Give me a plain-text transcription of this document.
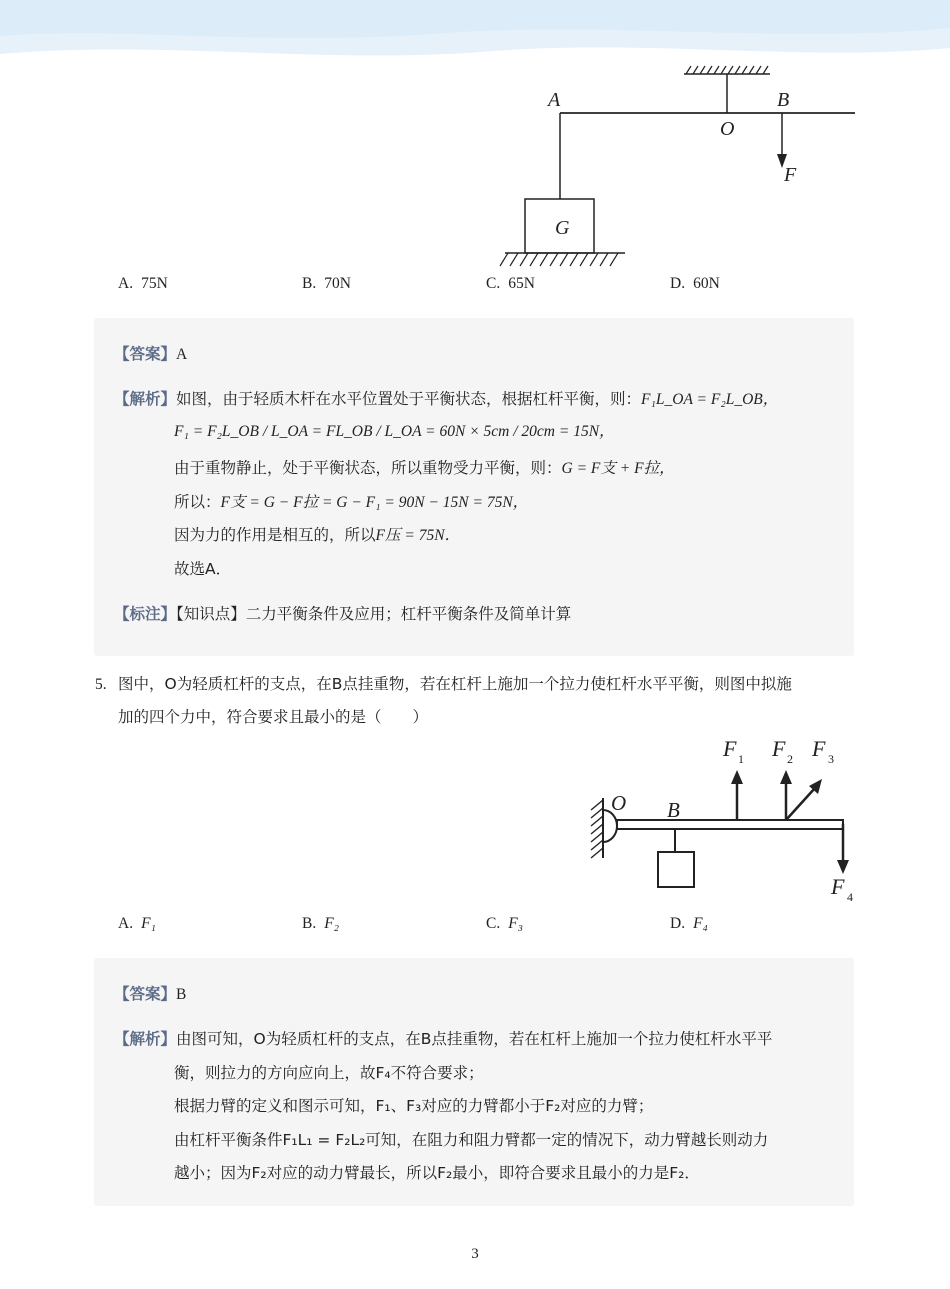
A	B
O
F
G
A. 75N	B. 70N	C. 65N	D. 60N
【答案】A
【解析】如图，由于轻质木杆在水平位置处于平衡状态，根据杠杆平衡，则：F₁L_OA = F₂L_OB，
F₁ = F₂L_OB / L_OA = FL_OB / L_OA = 60N × 5cm / 20cm = 15N，
由于重物静止，处于平衡状态，所以重物受力平衡，则：G = F支 + F拉，
所以：F支 = G − F拉 = G − F₁ = 90N − 15N = 75N，
因为力的作用是相互的，所以F压 = 75N．
故选A．
【标注】【知识点】二力平衡条件及应用；杠杆平衡条件及简单计算
5. 图中，O为轻质杠杆的支点，在B点挂重物，若在杠杆上施加一个拉力使杠杆水平平衡，则图中拟施
加的四个力中，符合要求且最小的是（　　）
O B
F 1 F 2 F 3
F 4
A. F₁	B. F₂	C. F₃	D. F₄
【答案】B
【解析】由图可知，O为轻质杠杆的支点，在B点挂重物，若在杠杆上施加一个拉力使杠杆水平平
衡，则拉力的方向应向上，故F₄不符合要求；
根据力臂的定义和图示可知，F₁、F₃对应的力臂都小于F₂对应的力臂；
由杠杆平衡条件F₁L₁ = F₂L₂可知，在阻力和阻力臂都一定的情况下，动力臂越长则动力
越小；因为F₂对应的动力臂最长，所以F₂最小，即符合要求且最小的力是F₂．
3
